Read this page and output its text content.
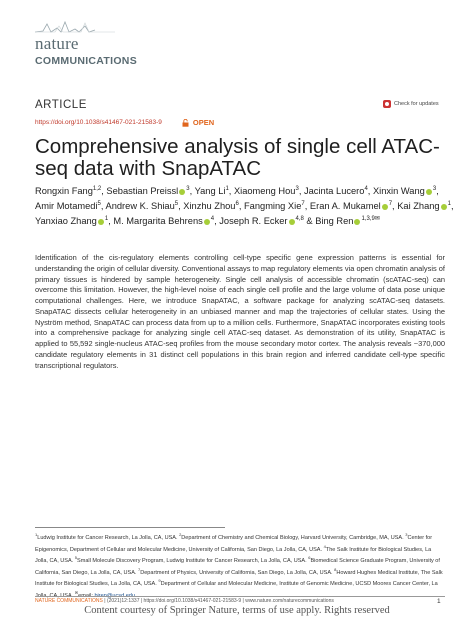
nature
COMMUNICATIONS
ARTICLE	Check for updates
https://doi.org/10.1038/s41467-021-21583-9	OPEN
Comprehensive analysis of single cell ATAC-seq data with SnapATAC
Rongxin Fang$^{1,2}$, Sebastian Preissl $^3$, Yang Li$^1$, Xiaomeng Hou$^3$, Jacinta Lucero$^4$, Xinxin Wang $^3$, Amir Motamedi$^5$, Andrew K. Shiau$^5$, Xinzhu Zhou$^6$, Fangming Xie$^7$, Eran A. Mukamel $^7$, Kai Zhang $^1$, Yanxiao Zhang $^1$, M. Margarita Behrens $^4$, Joseph R. Ecker $^{4,8}$ & Bing Ren $^{1,3,9✉}$
Identification of the cis-regulatory elements controlling cell-type specific gene expression patterns is essential for understanding the origin of cellular diversity. Conventional assays to map regulatory elements via open chromatin analysis of primary tissues is hindered by sample heterogeneity. Single cell analysis of accessible chromatin (scATAC-seq) can overcome this limitation. However, the high-level noise of each single cell profile and the large volume of data pose unique computational challenges. Here, we introduce SnapATAC, a software package for analyzing scATAC-seq datasets. SnapATAC dissects cellular heterogeneity in an unbiased manner and map the trajectories of cellular states. Using the Nyström method, SnapATAC can process data from up to a million cells. Furthermore, SnapATAC incorporates existing tools into a comprehensive package for analyzing single cell ATAC-seq dataset. As demonstration of its utility, SnapATAC is applied to 55,592 single-nucleus ATAC-seq profiles from the mouse secondary motor cortex. The analysis reveals ~370,000 candidate regulatory elements in 31 distinct cell populations in this brain region and inferred candidate cell-type specific transcriptional regulators.
$^1$Ludwig Institute for Cancer Research, La Jolla, CA, USA. $^2$Department of Chemistry and Chemical Biology, Harvard University, Cambridge, MA, USA. $^3$Center for Epigenomics, Department of Cellular and Molecular Medicine, University of California, San Diego, La Jolla, CA, USA. $^4$The Salk Institute for Biological Studies, La Jolla, CA, USA. $^5$Small Molecule Discovery Program, Ludwig Institute for Cancer Research, La Jolla, CA, USA. $^6$Biomedical Science Graduate Program, University of California, San Diego, La Jolla, CA, USA. $^7$Department of Physics, University of California, San Diego, La Jolla, CA, USA. $^8$Howard Hughes Medical Institute, The Salk Institute for Biological Studies, La Jolla, CA, USA. $^9$Department of Cellular and Molecular Medicine, Institute of Genomic Medicine, UCSD Moores Cancer Center, La Jolla, CA, USA. ✉email: biren@ucsd.edu
NATURE COMMUNICATIONS | (2021)12:1337 | https://doi.org/10.1038/s41467-021-21583-9 | www.nature.com/naturecommunications	1
Content courtesy of Springer Nature, terms of use apply. Rights reserved
